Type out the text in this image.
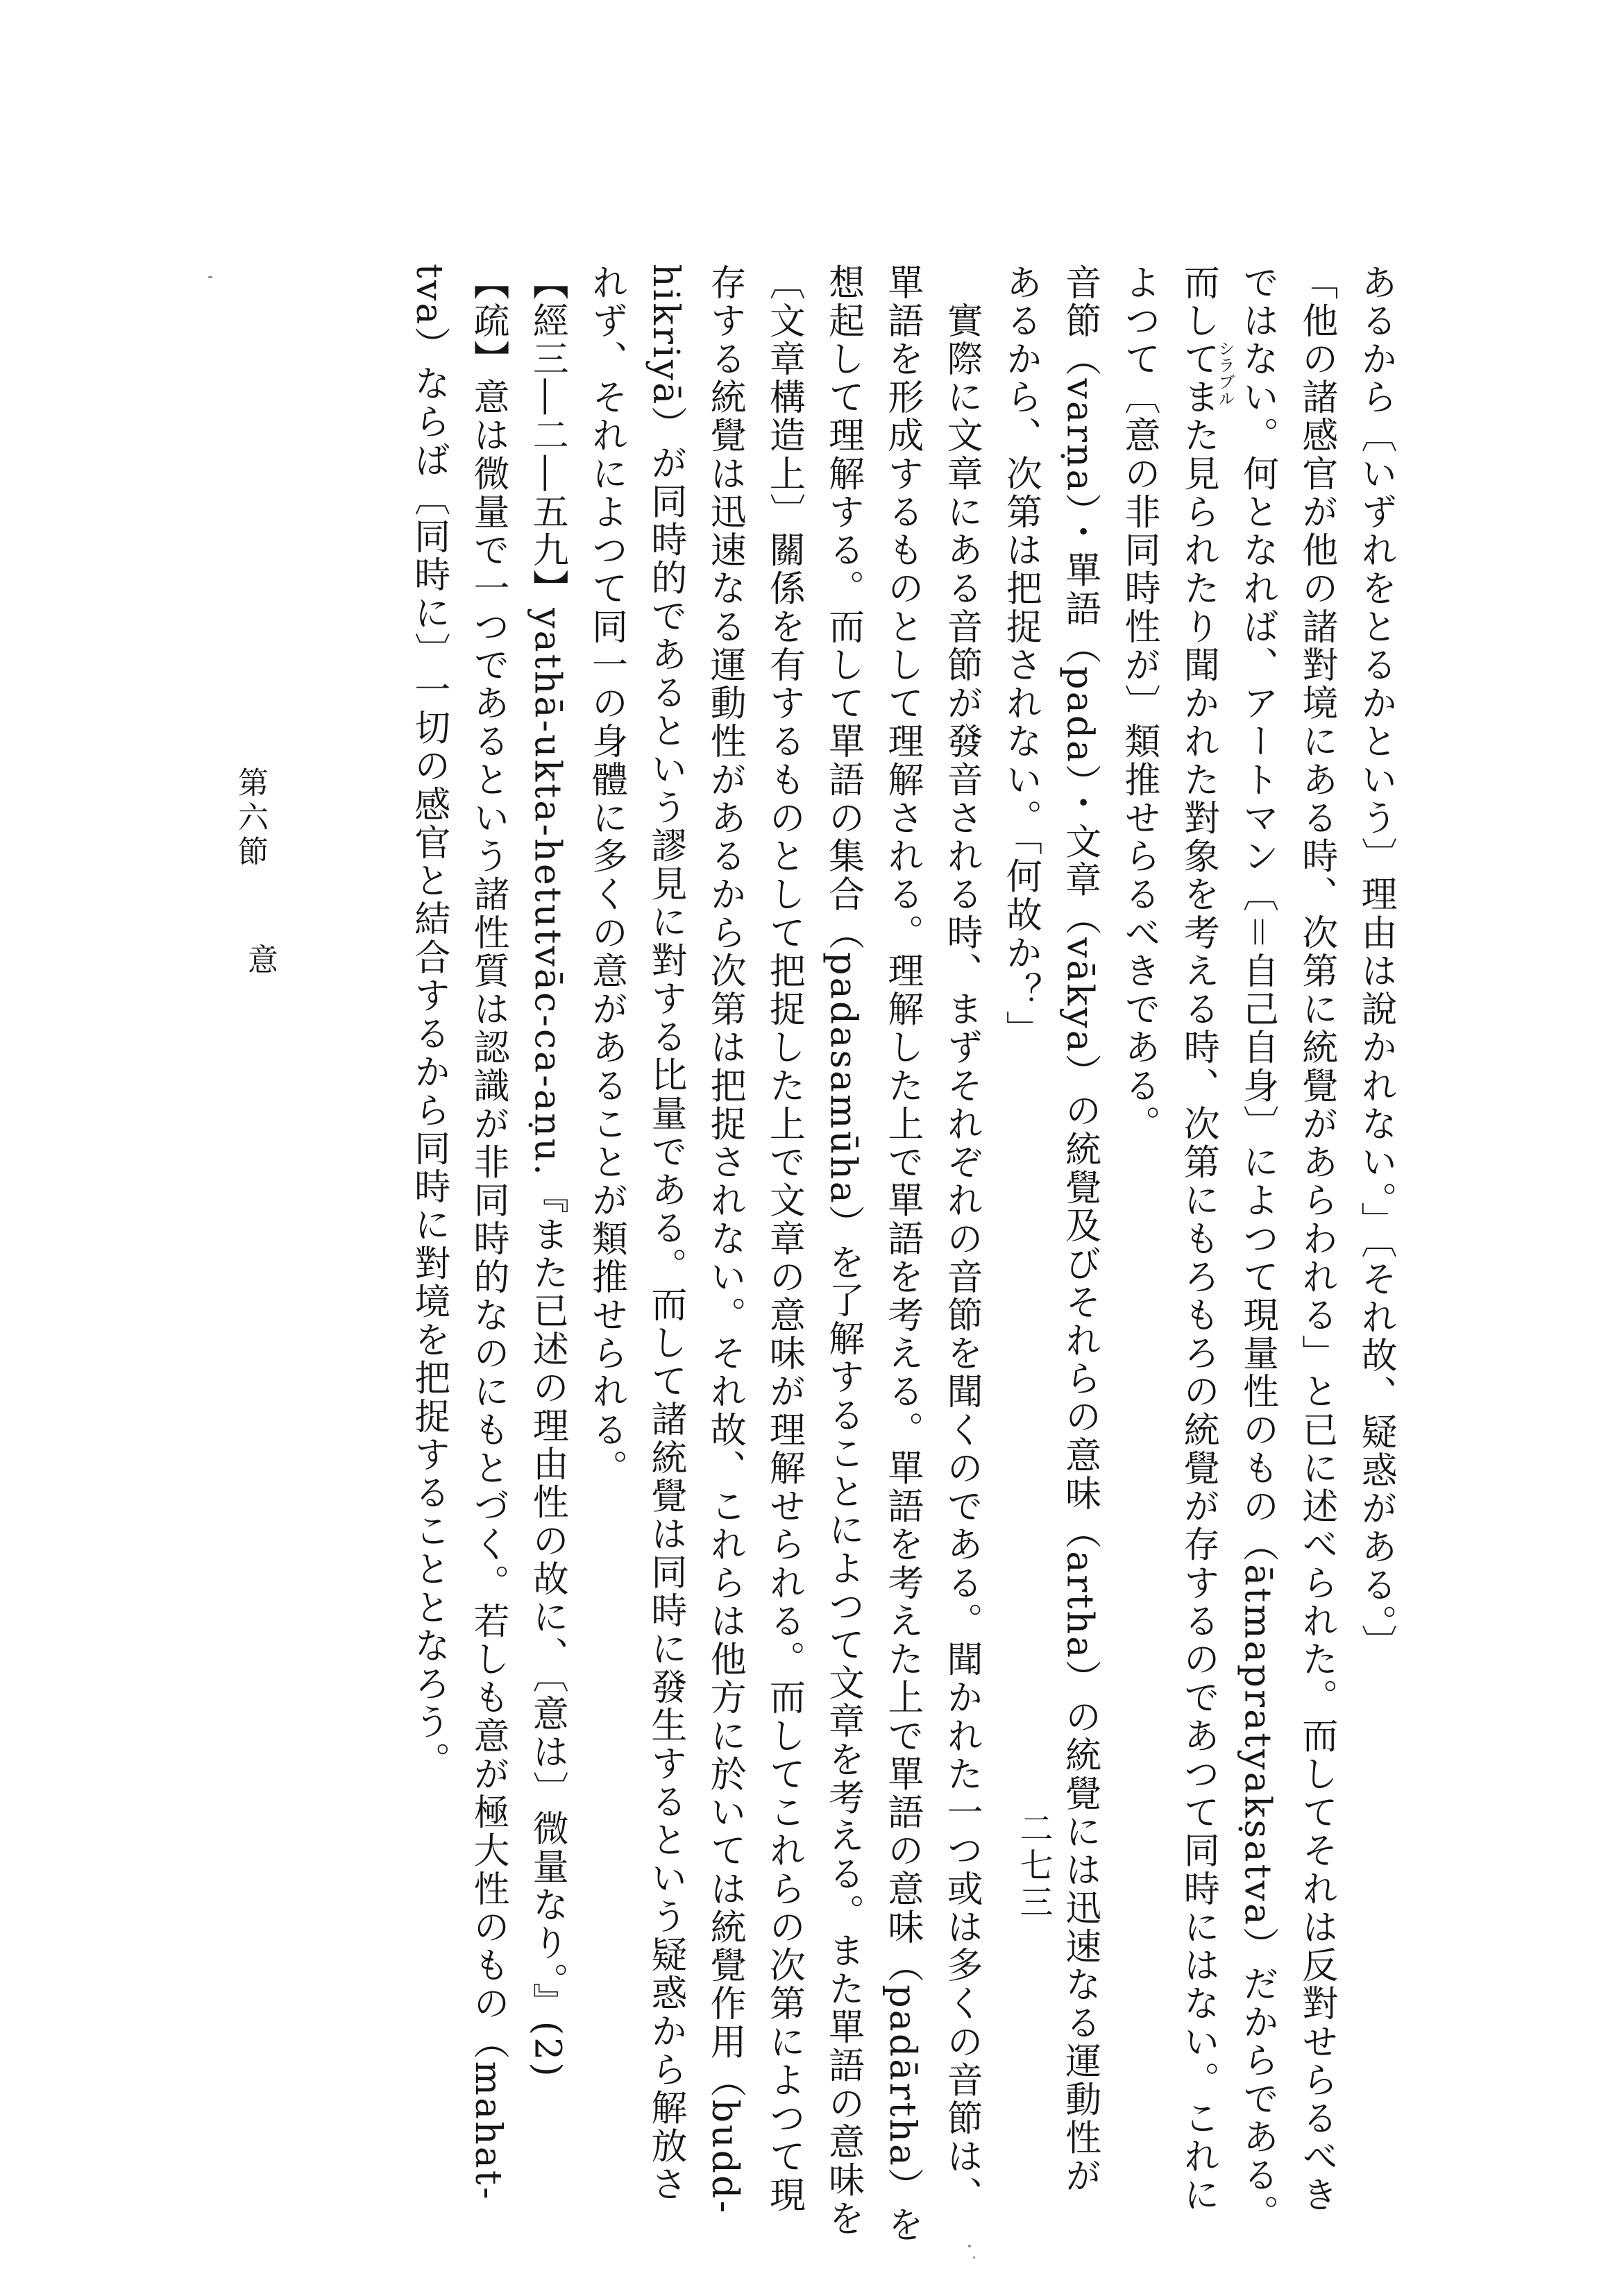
あるから〔いずれをとるかという〕理由は說かれない。」〔それ故、疑惑がある。〕
「他の諸感官が他の諸對境にある時、次第に統覺があらわれる」と已に述べられた。而してそれは反對せらるべき
ではない。何となれば、アートマン〔＝自己自身〕によつて現量性のもの（ātmapratyakṣatva）だからである。
而してまた見られたり聞かれた對象を考える時、次第にもろもろの統覺が存するのであつて同時にはない。これに
よつて〔意の非同時性が〕類推せらるべきである。
音節（varṇa）・單語（pada）・文章（vākya）の統覺及びそれらの意味（artha）の統覺には迅速なる運動性が
あるから、次第は把捉されない。「何故か？」
　實際に文章にある音節が發音される時、まずそれぞれの音節を聞くのである。聞かれた一つ或は多くの音節は、
單語を形成するものとして理解される。理解した上で單語を考える。單語を考えた上で單語の意味（padārtha）を
想起して理解する。而して單語の集合（padasamūha）を了解することによつて文章を考える。また單語の意味を
〔文章構造上〕關係を有するものとして把捉した上で文章の意味が理解せられる。而してこれらの次第によつて現
存する統覺は迅速なる運動性があるから次第は把捉されない。それ故、これらは他方に於いては統覺作用（budd-
hikriyā）が同時的であるという謬見に對する比量である。而して諸統覺は同時に發生するという疑惑から解放さ
れず、それによつて同一の身體に多くの意があることが類推せられる。
【經三―二―五九】yathā-ukta-hetutvāc-ca-aṇu.『また已述の理由性の故に、〔意は〕微量なり。』(2)
【疏】意は微量で一つであるという諸性質は認識が非同時的なのにもとづく。若しも意が極大性のもの（mahat-
tva）ならば〔同時に〕一切の感官と結合するから同時に對境を把捉することとなろう。	シラブル
第六節
意
二七三
